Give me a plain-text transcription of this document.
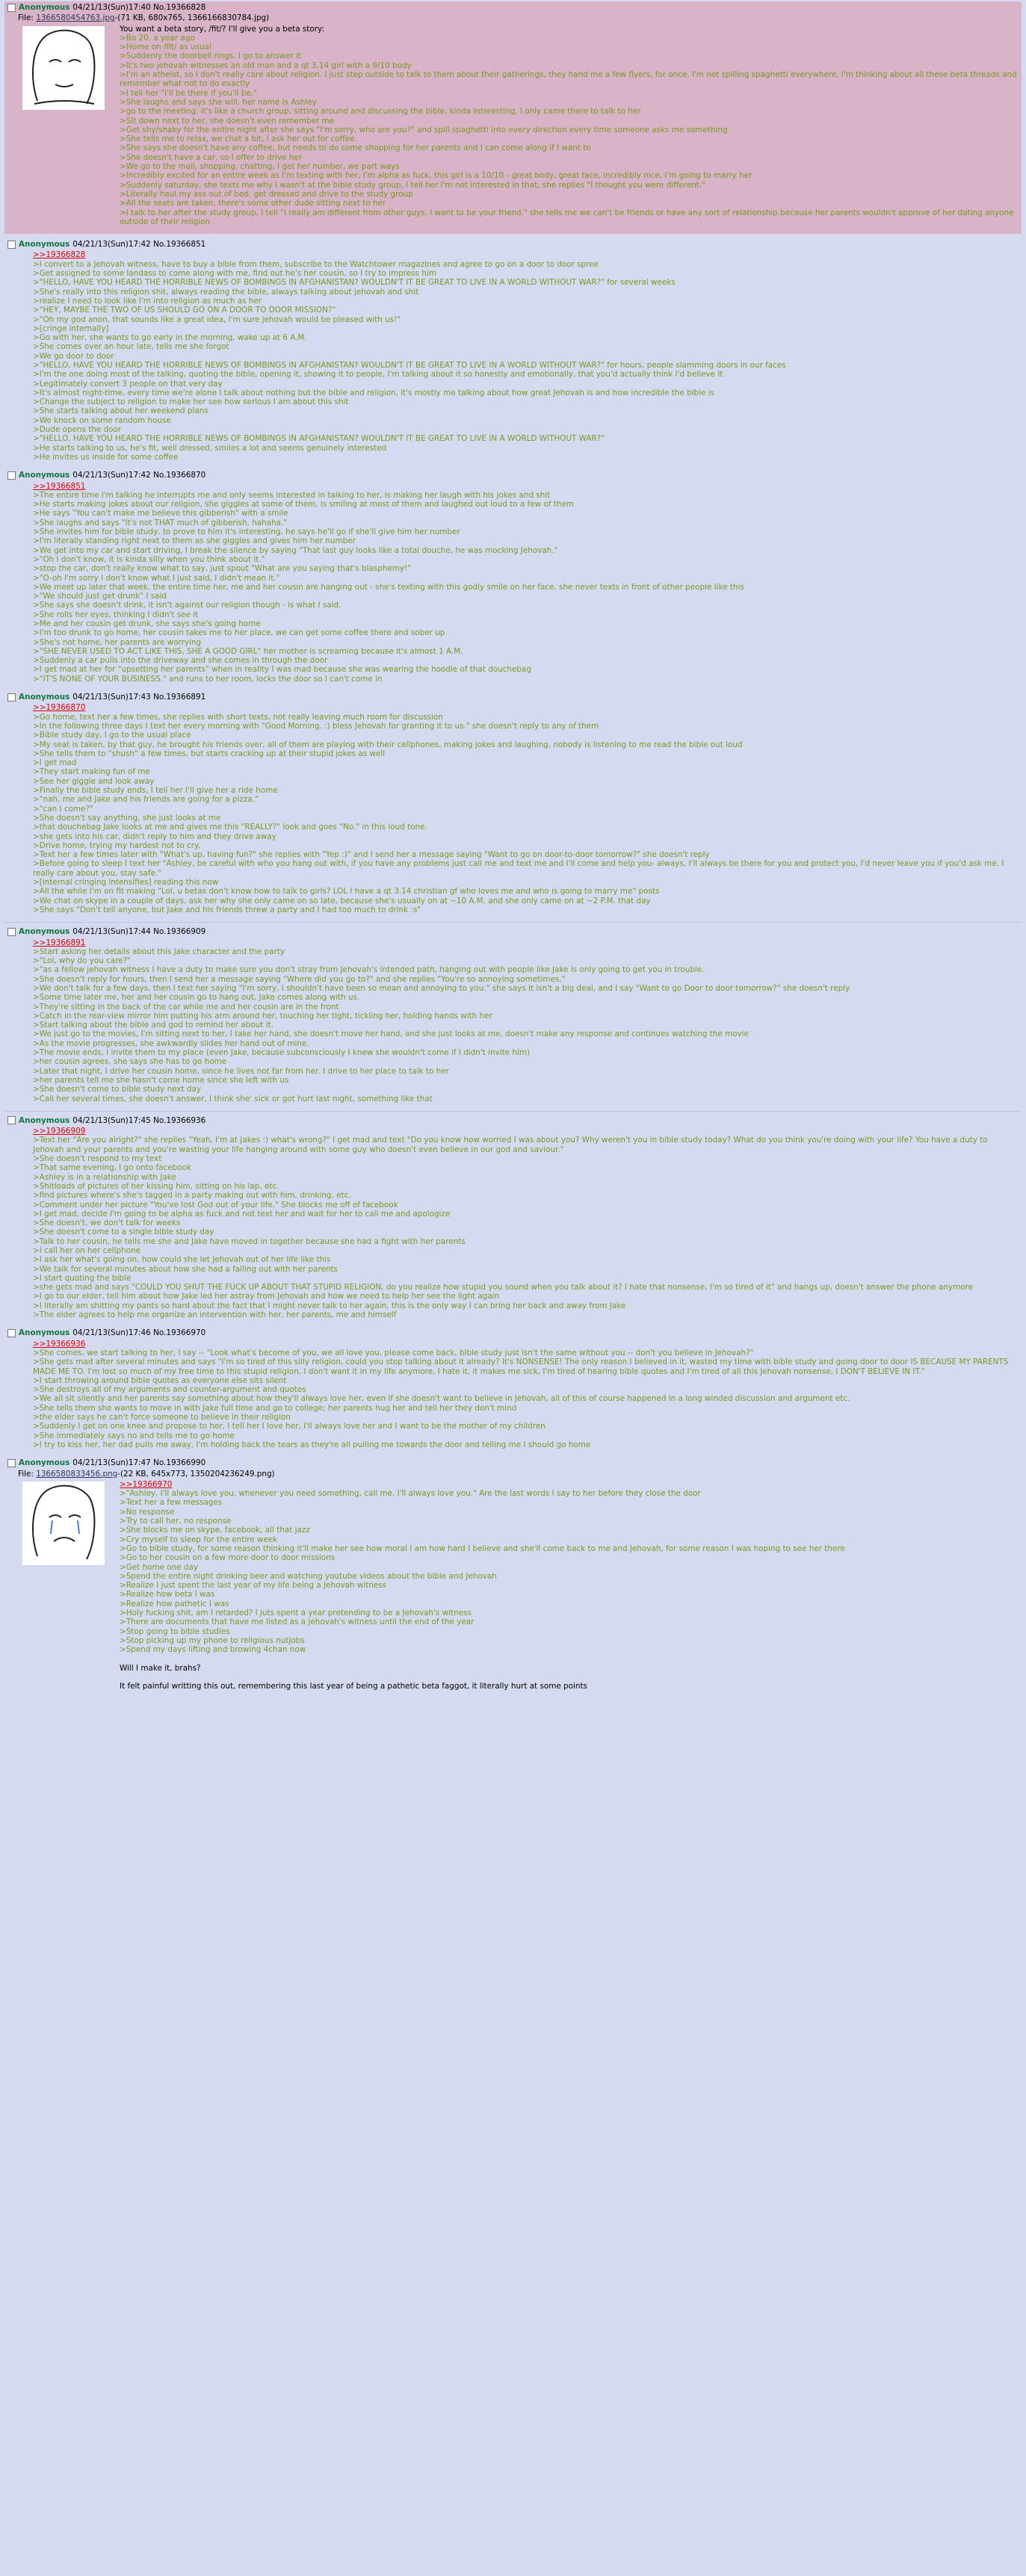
Anonymous 04/21/13(Sun)17:40 No.19366828
File: 1366580454763.jpg-(71 KB, 680x765, 1366166830784.jpg)
You want a beta story, /fit/? I'll give you a beta story:
>Bo 20, a year ago
>Home on /fit/ as usual
>Suddenly the doorbell rings, I go to answer it
>It's two jehovah witnesses an old man and a qt 3.14 girl with a 9/10 body
>I'm an atheist, so I don't really care about religion. I just step outside to talk to them about their gatherings, they hand me a few flyers, for once. I'm not spilling spaghetti everywhere, I'm thinking about all these beta threads and remember what not to do exactly
>I tell her "I'll be there if you'll be."
>She laughs and says she will, her name is Ashley
>go to the meeting, it's like a church group, sitting around and discussing the bible, kinda interesting, I only came there to talk to her
>Sit down next to her, she doesn't even remember me
>Get shy/shaky for the entire night after she says "I'm sorry, who are you?" and spill spaghetti into every direction every time someone asks me something
>She tells me to relax, we chat a bit, I ask her out for coffee
>She says she doesn't have any coffee, but needs to do some shopping for her parents and I can come along if I want to
>She doesn't have a car, so I offer to drive her
>We go to the mall, shopping, chatting, I get her number, we part ways
>Incredibly excited for an entire week as I'm texting with her, I'm alpha as fuck, this girl is a 10/10 - great body, great face, incredibly nice, I'm going to marry her
>Suddenly saturday, she texts me why I wasn't at the bible study group, I tell her I'm not interested in that, she replies "I thought you were different."
>Literally haul my ass out of bed, get dressed and drive to the study group
>All the seats are taken, there's some other dude sitting next to her
>I talk to her after the study group, I tell "I really am different from other guys, I want to be your friend." she tells me we can't be friends or have any sort of relationship because her parents wouldn't approve of her dating anyone outside of their religion
Anonymous 04/21/13(Sun)17:42 No.19366851
>>19366828
>I convert to a Jehovah witness, have to buy a bible from them, subscribe to the Watchtower magazines and agree to go on a door to door spree
>Get assigned to some landass to come along with me, find out he's her cousin, so I try to impress him
>"HELLO, HAVE YOU HEARD THE HORRIBLE NEWS OF BOMBINGS IN AFGHANISTAN? WOULDN'T IT BE GREAT TO LIVE IN A WORLD WITHOUT WAR?" for several weeks
>She's really into this religion shit, always reading the bible, always talking about jehovah and shit
>realize I need to look like I'm into religion as much as her
>"HEY, MAYBE THE TWO OF US SHOULD GO ON A DOOR TO DOOR MISSION?"
>"Oh my god anon, that sounds like a great idea, I'm sure jehovah would be pleased with us!"
>[cringe internally]
>Go with her, she wants to go early in the morning, wake up at 6 A.M.
>She comes over an hour late, tells me she forgot
>We go door to door
>"HELLO, HAVE YOU HEARD THE HORRIBLE NEWS OF BOMBINGS IN AFGHANISTAN? WOULDN'T IT BE GREAT TO LIVE IN A WORLD WITHOUT WAR?" for hours, people slamming doors in our faces
>I'm the one doing most of the talking, quoting the bible, opening it, showing it to people, I'm talking about it so honestly and emotionally, that you'd actually think I'd believe it
>Legitimately convert 3 people on that very day
>It's almost night-time, every time we're alone I talk about nothing but the bible and religion, it's mostly me talking about how great Jehovah is and how incredible the bible is
>Change the subject to religion to make her see how serious I am about this shit
>She starts talking about her weekend plans
>We knock on some random house
>Dude opens the door
>"HELLO, HAVE YOU HEARD THE HORRIBLE NEWS OF BOMBINGS IN AFGHANISTAN? WOULDN'T IT BE GREAT TO LIVE IN A WORLD WITHOUT WAR?"
>He starts talking to us, he's fit, well dressed, smiles a lot and seems genuinely interested
>He invites us inside for some coffee
Anonymous 04/21/13(Sun)17:42 No.19366870
>>19366851
>The entire time I'm talking he interrupts me and only seems interested in talking to her, is making her laugh with his jokes and shit
>He starts making jokes about our religion, she giggles at some of them, is smiling at most of them and laughed out loud to a few of them
>He says "You can't make me believe this gibberish" with a smile
>She laughs and says "It's not THAT much of gibberish, hahaha."
>She invites him for bible study, to prove to him it's interesting, he says he'll go if she'll give him her number
>I'm literally standing right next to them as she giggles and gives him her number
>We get into my car and start driving, I break the silence by saying "That last guy looks like a total douche, he was mocking Jehovah."
>"Oh I don't know, it is kinda silly when you think about it."
>stop the car, don't really know what to say, just spout "What are you saying that's blasphemy!"
>"O-oh I'm sorry I don't know what I just said, I didn't mean it."
>We meet up later that week, the entire time her, me and her cousin are hanging out - she's texting with this godly smile on her face, she never texts in front of other people like this
>"We should just get drunk" I said
>She says she doesn't drink, it isn't against our religion though - is what I said.
>She rolls her eyes, thinking I didn't see it
>Me and her cousin get drunk, she says she's going home
>I'm too drunk to go home, her cousin takes me to her place, we can get some coffee there and sober up
>She's not home, her parents are worrying
>"SHE NEVER USED TO ACT LIKE THIS, SHE A GOOD GIRL" her mother is screaming because it's almost 1 A.M.
>Suddenly a car pulls into the driveway and she comes in through the door
>I get mad at her for "upsetting her parents" when in reality I was mad because she was wearing the hoodie of that douchebag
>"IT'S NONE OF YOUR BUSINESS." and runs to her room, locks the door so I can't come in
Anonymous 04/21/13(Sun)17:43 No.19366891
>>19366870
>Go home, text her a few times, she replies with short texts, not really leaving much room for discussion
>In the following three days I text her every morning with "Good Morning. :) bless Jehovah for granting it to us." she doesn't reply to any of them
>Bible study day, I go to the usual place
>My seat is taken, by that guy, he brought his friends over, all of them are playing with their cellphones, making jokes and laughing, nobody is listening to me read the bible out loud
>She tells them to "shush" a few times, but starts cracking up at their stupid jokes as well
>I get mad
>They start making fun of me
>See her giggle and look away
>Finally the bible study ends, I tell her I'll give her a ride home
>"nah, me and Jake and his friends are going for a pizza."
>"can I come?"
>She doesn't say anything, she just looks at me
>that douchebag Jake looks at me and gives me this "REALLY?" look and goes "No." in this loud tone.
>she gets into his car, didn't reply to him and they drive away
>Drive home, trying my hardest not to cry.
>Text her a few times later with "What's up, having fun?" she replies with "Yep :)" and I send her a message saying "Want to go on door-to-door tomorrow?" she doesn't reply
>Before going to sleep I text her "Ashley, be careful with who you hang out with, if you have any problems just call me and text me and I'll come and help you- always, I'll always be there for you and protect you, I'd never leave you if you'd ask me. I really care about you, stay safe."
>[internal cringing intensifies] reading this now
>All the while I'm on fit making "Lol, u betas don't know how to talk to girls? LOL I have a qt 3.14 christian gf who loves me and who is going to marry me" posts
>We chat on skype in a couple of days, ask her why she only came on so late, because she's usually on at ~10 A.M. and she only came on at ~2 P.M. that day
>She says "Don't tell anyone, but Jake and his friends threw a party and I had too much to drink :s"
Anonymous 04/21/13(Sun)17:44 No.19366909
>>19366891
>Start asking her details about this Jake character and the party
>"Lol, why do you care?"
>"as a fellow jehovah witness I have a duty to make sure you don't stray from Jehovah's intended path, hanging out with people like Jake is only going to get you in trouble.
>She doesn't reply for hours, then I send her a message saying "Where did you go to?" and she replies "You're so annoying sometimes."
>We don't talk for a few days, then I text her saying "I'm sorry, I shouldn't have been so mean and annoying to you." she says it isn't a big deal, and I say "Want to go Door to door tomorrow?" she doesn't reply
>Some time later me, her and her cousin go to hang out, Jake comes along with us.
>They're sitting in the back of the car while me and her cousin are in the front
>Catch in the rear-view mirror him putting his arm around her, touching her tight, tickling her, holding hands with her
>Start talking about the bible and god to remind her about it.
>We just go to the movies, I'm sitting next to her, I take her hand, she doesn't move her hand, and she just looks at me, doesn't make any response and continues watching the movie
>As the movie progresses, she awkwardly slides her hand out of mine.
>The movie ends, I invite them to my place (even Jake, because subconsciously I knew she wouldn't come if I didn't invite him)
>her cousin agrees, she says she has to go home
>Later that night, I drive her cousin home, since he lives not far from her. I drive to her place to talk to her
>her parents tell me she hasn't come home since she left with us
>She doesn't come to bible study next day
>Call her several times, she doesn't answer, I think she' sick or got hurt last night, something like that
Anonymous 04/21/13(Sun)17:45 No.19366936
>>19366909
>Text her "Are you alright?" she replies "Yeah, I'm at Jakes :) what's wrong?" I get mad and text "Do you know how worried I was about you? Why weren't you in bible study today? What do you think you're doing with your life? You have a duty to Jehovah and your parents and you're wasting your life hanging around with some guy who doesn't even believe in our god and saviour."
>She doesn't respond to my text
>That same evening, I go onto facebook
>Ashley is in a relationship with Jake
>Shitloads of pictures of her kissing him, sitting on his lap, etc.
>find pictures where's she's tagged in a party making out with him, drinking, etc.
>Comment under her picture "You've lost God out of your life." She blocks me off of facebook
>I get mad, decide I'm going to be alpha as fuck and not text her and wait for her to call me and apologize
>She doesn't, we don't talk for weeks
>She doesn't come to a single bible study day
>Talk to her cousin, he tells me she and Jake have moved in together because she had a fight with her parents
>I call her on her cellphone
>I ask her what's going on, how could she let Jehovah out of her life like this
>We talk for several minutes about how she had a falling out with her parents
>I start quoting the bible
>she gets mad and says "COULD YOU SHUT THE FUCK UP ABOUT THAT STUPID RELIGION, do you realize how stupid you sound when you talk about it? I hate that nonsense, I'm so tired of it" and hangs up, doesn't answer the phone anymore
>I go to our elder, tell him about how Jake led her astray from Jehovah and how we need to help her see the light again
>I literally am shitting my pants so hard about the fact that I might never talk to her again, this is the only way I can bring her back and away from Jake
>The elder agrees to help me organize an intervention with her, her parents, me and himself
Anonymous 04/21/13(Sun)17:46 No.19366970
>>19366936
>She comes, we start talking to her, I say -- "Look what's become of you, we all love you, please come back, bible study just isn't the same without you -- don't you believe in Jehovah?"
>She gets mad after several minutes and says "I'm so tired of this silly religion, could you stop talking about it already? It's NONSENSE! The only reason I believed in it, wasted my time with bible study and going door to door IS BECAUSE MY PARENTS MADE ME TO. I'm lost so much of my free time to this stupid religion, I don't want it in my life anymore, I hate it, it makes me sick, I'm tired of hearing bible quotes and I'm tired of all this Jehovah nonsense, I DON'T BELIEVE IN IT."
>I start throwing around bible quotes as everyone else sits silent
>She destroys all of my arguments and counter-argument and quotes
>We all sit silently and her parents say something about how they'll always love her, even if she doesn't want to believe in Jehovah, all of this of course happened in a long winded discussion and argument etc.
>She tells them she wants to move in with Jake full time and go to college; her parents hug her and tell her they don't mind
>the elder says he can't force someone to believe in their religion
>Suddenly I get on one knee and propose to her, I tell her I love her, I'll always love her and I want to be the mother of my children
>She immediately says no and tells me to go home
>I try to kiss her, her dad pulls me away, I'm holding back the tears as they're all pulling me towards the door and telling me I should go home
Anonymous 04/21/13(Sun)17:47 No.19366990
File: 1366580833456.png-(22 KB, 645x773, 1350204236249.png)
>>19366970
>"Ashley, I'll always love you, whenever you need something, call me, I'll always love you." Are the last words I say to her before they close the door
>Text her a few messages
>No response
>Try to call her, no response
>She blocks me on skype, facebook, all that jazz
>Cry myself to sleep for the entire week
>Go to bible study, for some reason thinking it'll make her see how moral I am how hard I believe and she'll come back to me and Jehovah, for some reason I was hoping to see her there
>Go to her cousin on a few more door to door missions
>Get home one day
>Spend the entire night drinking beer and watching youtube videos about the bible and Jehovah
>Realize I just spent the last year of my life being a Jehovah witness
>Realize how beta I was
>Realize how pathetic I was
>Holy fucking shit, am I retarded? I juts spent a year pretending to be a Jehovah's witness
>There are documents that have me listed as a Jehovah's witness until the end of the year
>Stop going to bible studies
>Stop picking up my phone to religious nutjobs
>Spend my days lifting and browing 4chan now

Will I make it, brahs?

It felt painful writting this out, remembering this last year of being a pathetic beta faggot, it literally hurt at some points
